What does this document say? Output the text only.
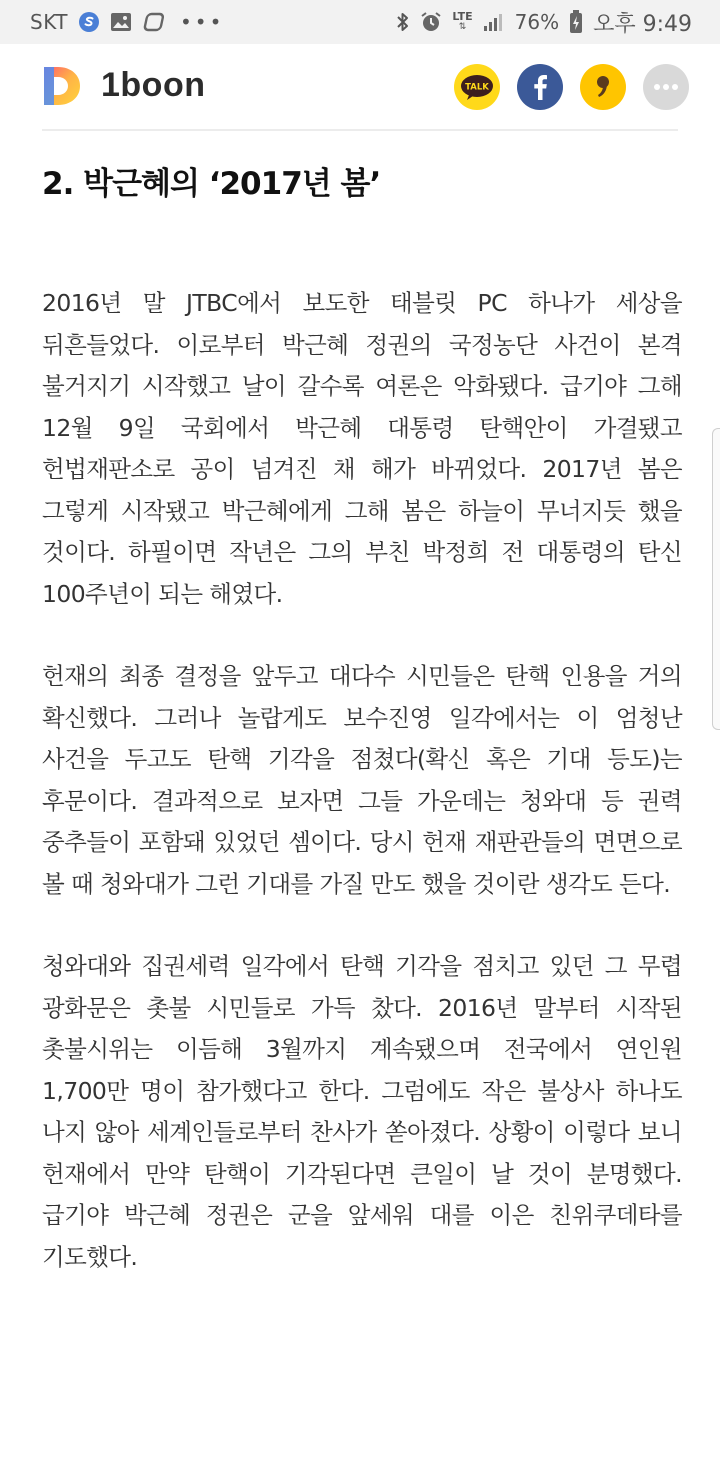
SKT	•••	LTE
⇅ 76% 오후 9:49
1boon	TALK
2. 박근혜의 ‘2017년 봄’

2016년 말 JTBC에서 보도한 태블릿 PC 하나가 세상을 뒤흔들었다. 이로부터 박근혜 정권의 국정농단 사건이 본격 불거지기 시작했고 날이 갈수록 여론은 악화됐다. 급기야 그해 12월 9일 국회에서 박근혜 대통령 탄핵안이 가결됐고 헌법재판소로 공이 넘겨진 채 해가 바뀌었다. 2017년 봄은 그렇게 시작됐고 박근혜에게 그해 봄은 하늘이 무너지듯 했을 것이다. 하필이면 작년은 그의 부친 박정희 전 대통령의 탄신 100주년이 되는 해였다.

헌재의 최종 결정을 앞두고 대다수 시민들은 탄핵 인용을 거의 확신했다. 그러나 놀랍게도 보수진영 일각에서는 이 엄청난 사건을 두고도 탄핵 기각을 점쳤다(확신 혹은 기대 등도)는 후문이다. 결과적으로 보자면 그들 가운데는 청와대 등 권력 중추들이 포함돼 있었던 셈이다. 당시 헌재 재판관들의 면면으로 볼 때 청와대가 그런 기대를 가질 만도 했을 것이란 생각도 든다.

청와대와 집권세력 일각에서 탄핵 기각을 점치고 있던 그 무렵 광화문은 촛불 시민들로 가득 찼다. 2016년 말부터 시작된 촛불시위는 이듬해 3월까지 계속됐으며 전국에서 연인원 1,700만 명이 참가했다고 한다. 그럼에도 작은 불상사 하나도 나지 않아 세계인들로부터 찬사가 쏟아졌다. 상황이 이렇다 보니 헌재에서 만약 탄핵이 기각된다면 큰일이 날 것이 분명했다. 급기야 박근혜 정권은 군을 앞세워 대를 이은 친위쿠데타를 기도했다.
